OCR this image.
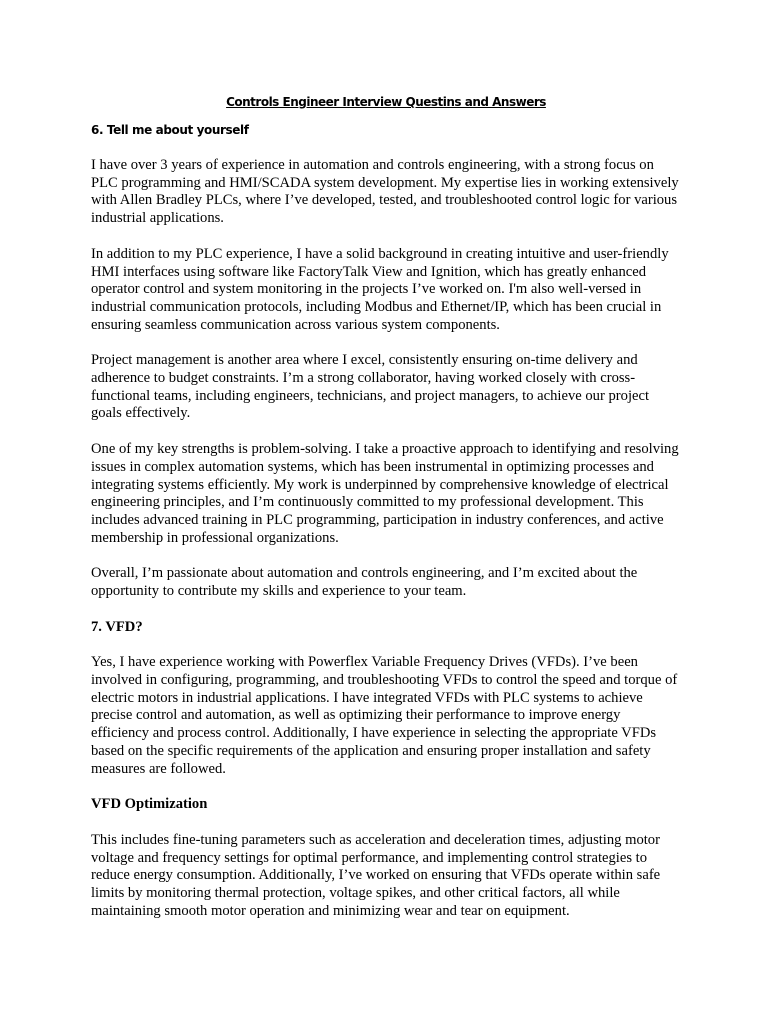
Controls Engineer Interview Questins and Answers
6. Tell me about yourself

I have over 3 years of experience in automation and controls engineering, with a strong focus on PLC programming and HMI/SCADA system development. My expertise lies in working extensively with Allen Bradley PLCs, where I’ve developed, tested, and troubleshooted control logic for various industrial applications.

In addition to my PLC experience, I have a solid background in creating intuitive and user-friendly HMI interfaces using software like FactoryTalk View and Ignition, which has greatly enhanced operator control and system monitoring in the projects I’ve worked on. I'm also well-versed in industrial communication protocols, including Modbus and Ethernet/IP, which has been crucial in ensuring seamless communication across various system components.

Project management is another area where I excel, consistently ensuring on-time delivery and adherence to budget constraints. I’m a strong collaborator, having worked closely with cross-functional teams, including engineers, technicians, and project managers, to achieve our project goals effectively.

One of my key strengths is problem-solving. I take a proactive approach to identifying and resolving issues in complex automation systems, which has been instrumental in optimizing processes and integrating systems efficiently. My work is underpinned by comprehensive knowledge of electrical engineering principles, and I’m continuously committed to my professional development. This includes advanced training in PLC programming, participation in industry conferences, and active membership in professional organizations.

Overall, I’m passionate about automation and controls engineering, and I’m excited about the opportunity to contribute my skills and experience to your team.

7. VFD?

Yes, I have experience working with Powerflex Variable Frequency Drives (VFDs). I’ve been involved in configuring, programming, and troubleshooting VFDs to control the speed and torque of electric motors in industrial applications. I have integrated VFDs with PLC systems to achieve precise control and automation, as well as optimizing their performance to improve energy efficiency and process control. Additionally, I have experience in selecting the appropriate VFDs based on the specific requirements of the application and ensuring proper installation and safety measures are followed.

VFD Optimization

This includes fine-tuning parameters such as acceleration and deceleration times, adjusting motor voltage and frequency settings for optimal performance, and implementing control strategies to reduce energy consumption. Additionally, I’ve worked on ensuring that VFDs operate within safe limits by monitoring thermal protection, voltage spikes, and other critical factors, all while maintaining smooth motor operation and minimizing wear and tear on equipment.
